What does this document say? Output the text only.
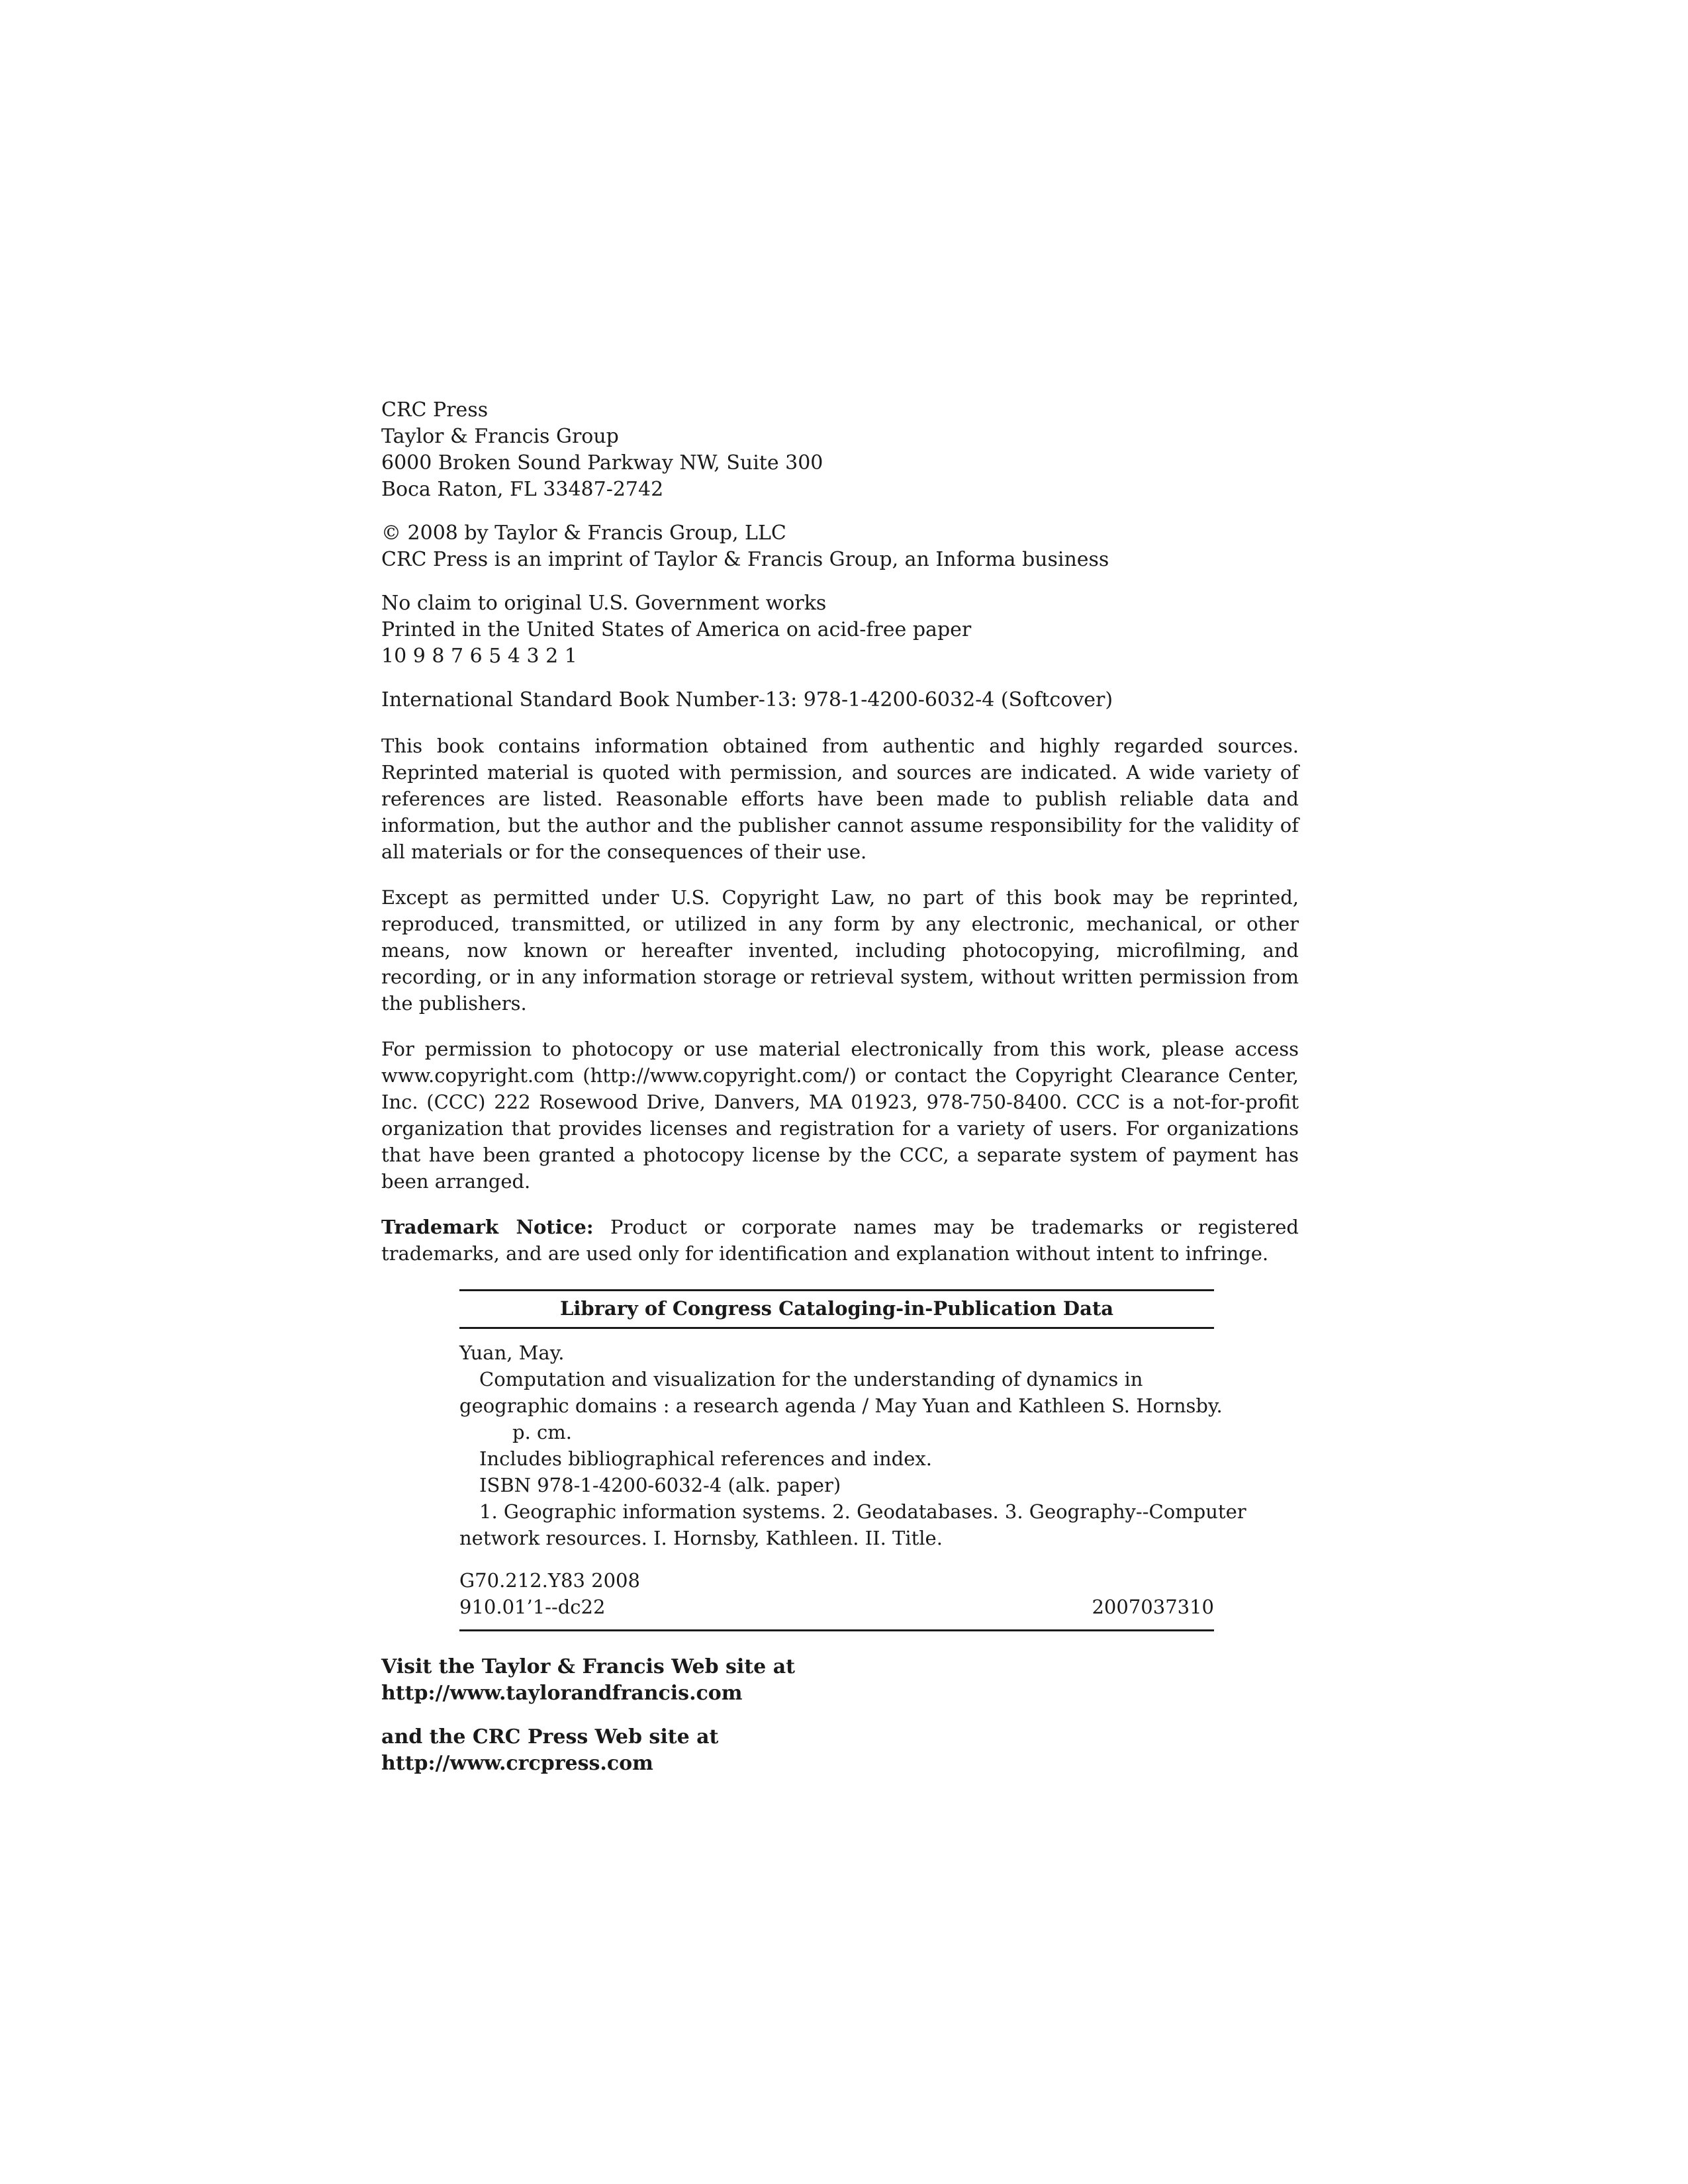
CRC Press
Taylor & Francis Group
6000 Broken Sound Parkway NW, Suite 300
Boca Raton, FL 33487-2742
© 2008 by Taylor & Francis Group, LLC
CRC Press is an imprint of Taylor & Francis Group, an Informa business
No claim to original U.S. Government works
Printed in the United States of America on acid-free paper
10 9 8 7 6 5 4 3 2 1
International Standard Book Number-13: 978-1-4200-6032-4 (Softcover)

This book contains information obtained from authentic and highly regarded sources. Reprinted material is quoted with permission, and sources are indicated. A wide variety of references are listed. Reasonable efforts have been made to publish reliable data and information, but the author and the publisher cannot assume responsibility for the validity of all materials or for the consequences of their use.

Except as permitted under U.S. Copyright Law, no part of this book may be reprinted, reproduced, transmitted, or utilized in any form by any electronic, mechanical, or other means, now known or hereafter invented, including photocopying, microfilming, and recording, or in any information storage or retrieval system, without written permission from the publishers.

For permission to photocopy or use material electronically from this work, please access www.copyright.com (http://www.copyright.com/) or contact the Copyright Clearance Center, Inc. (CCC) 222 Rosewood Drive, Danvers, MA 01923, 978-750-8400. CCC is a not-for-profit organization that provides licenses and registration for a variety of users. For organizations that have been granted a photocopy license by the CCC, a separate system of payment has been arranged.

Trademark Notice: Product or corporate names may be trademarks or registered trademarks, and are used only for identification and explanation without intent to infringe.

Library of Congress Cataloging-in-Publication Data
Yuan, May.
Computation and visualization for the understanding of dynamics in
geographic domains : a research agenda / May Yuan and Kathleen S. Hornsby.
p. cm.
Includes bibliographical references and index.
ISBN 978-1-4200-6032-4 (alk. paper)
1. Geographic information systems. 2. Geodatabases. 3. Geography--Computer
network resources. I. Hornsby, Kathleen. II. Title.
G70.212.Y83 2008
910.01’1--dc22	2007037310
Visit the Taylor & Francis Web site at
http://www.taylorandfrancis.com
and the CRC Press Web site at
http://www.crcpress.com
